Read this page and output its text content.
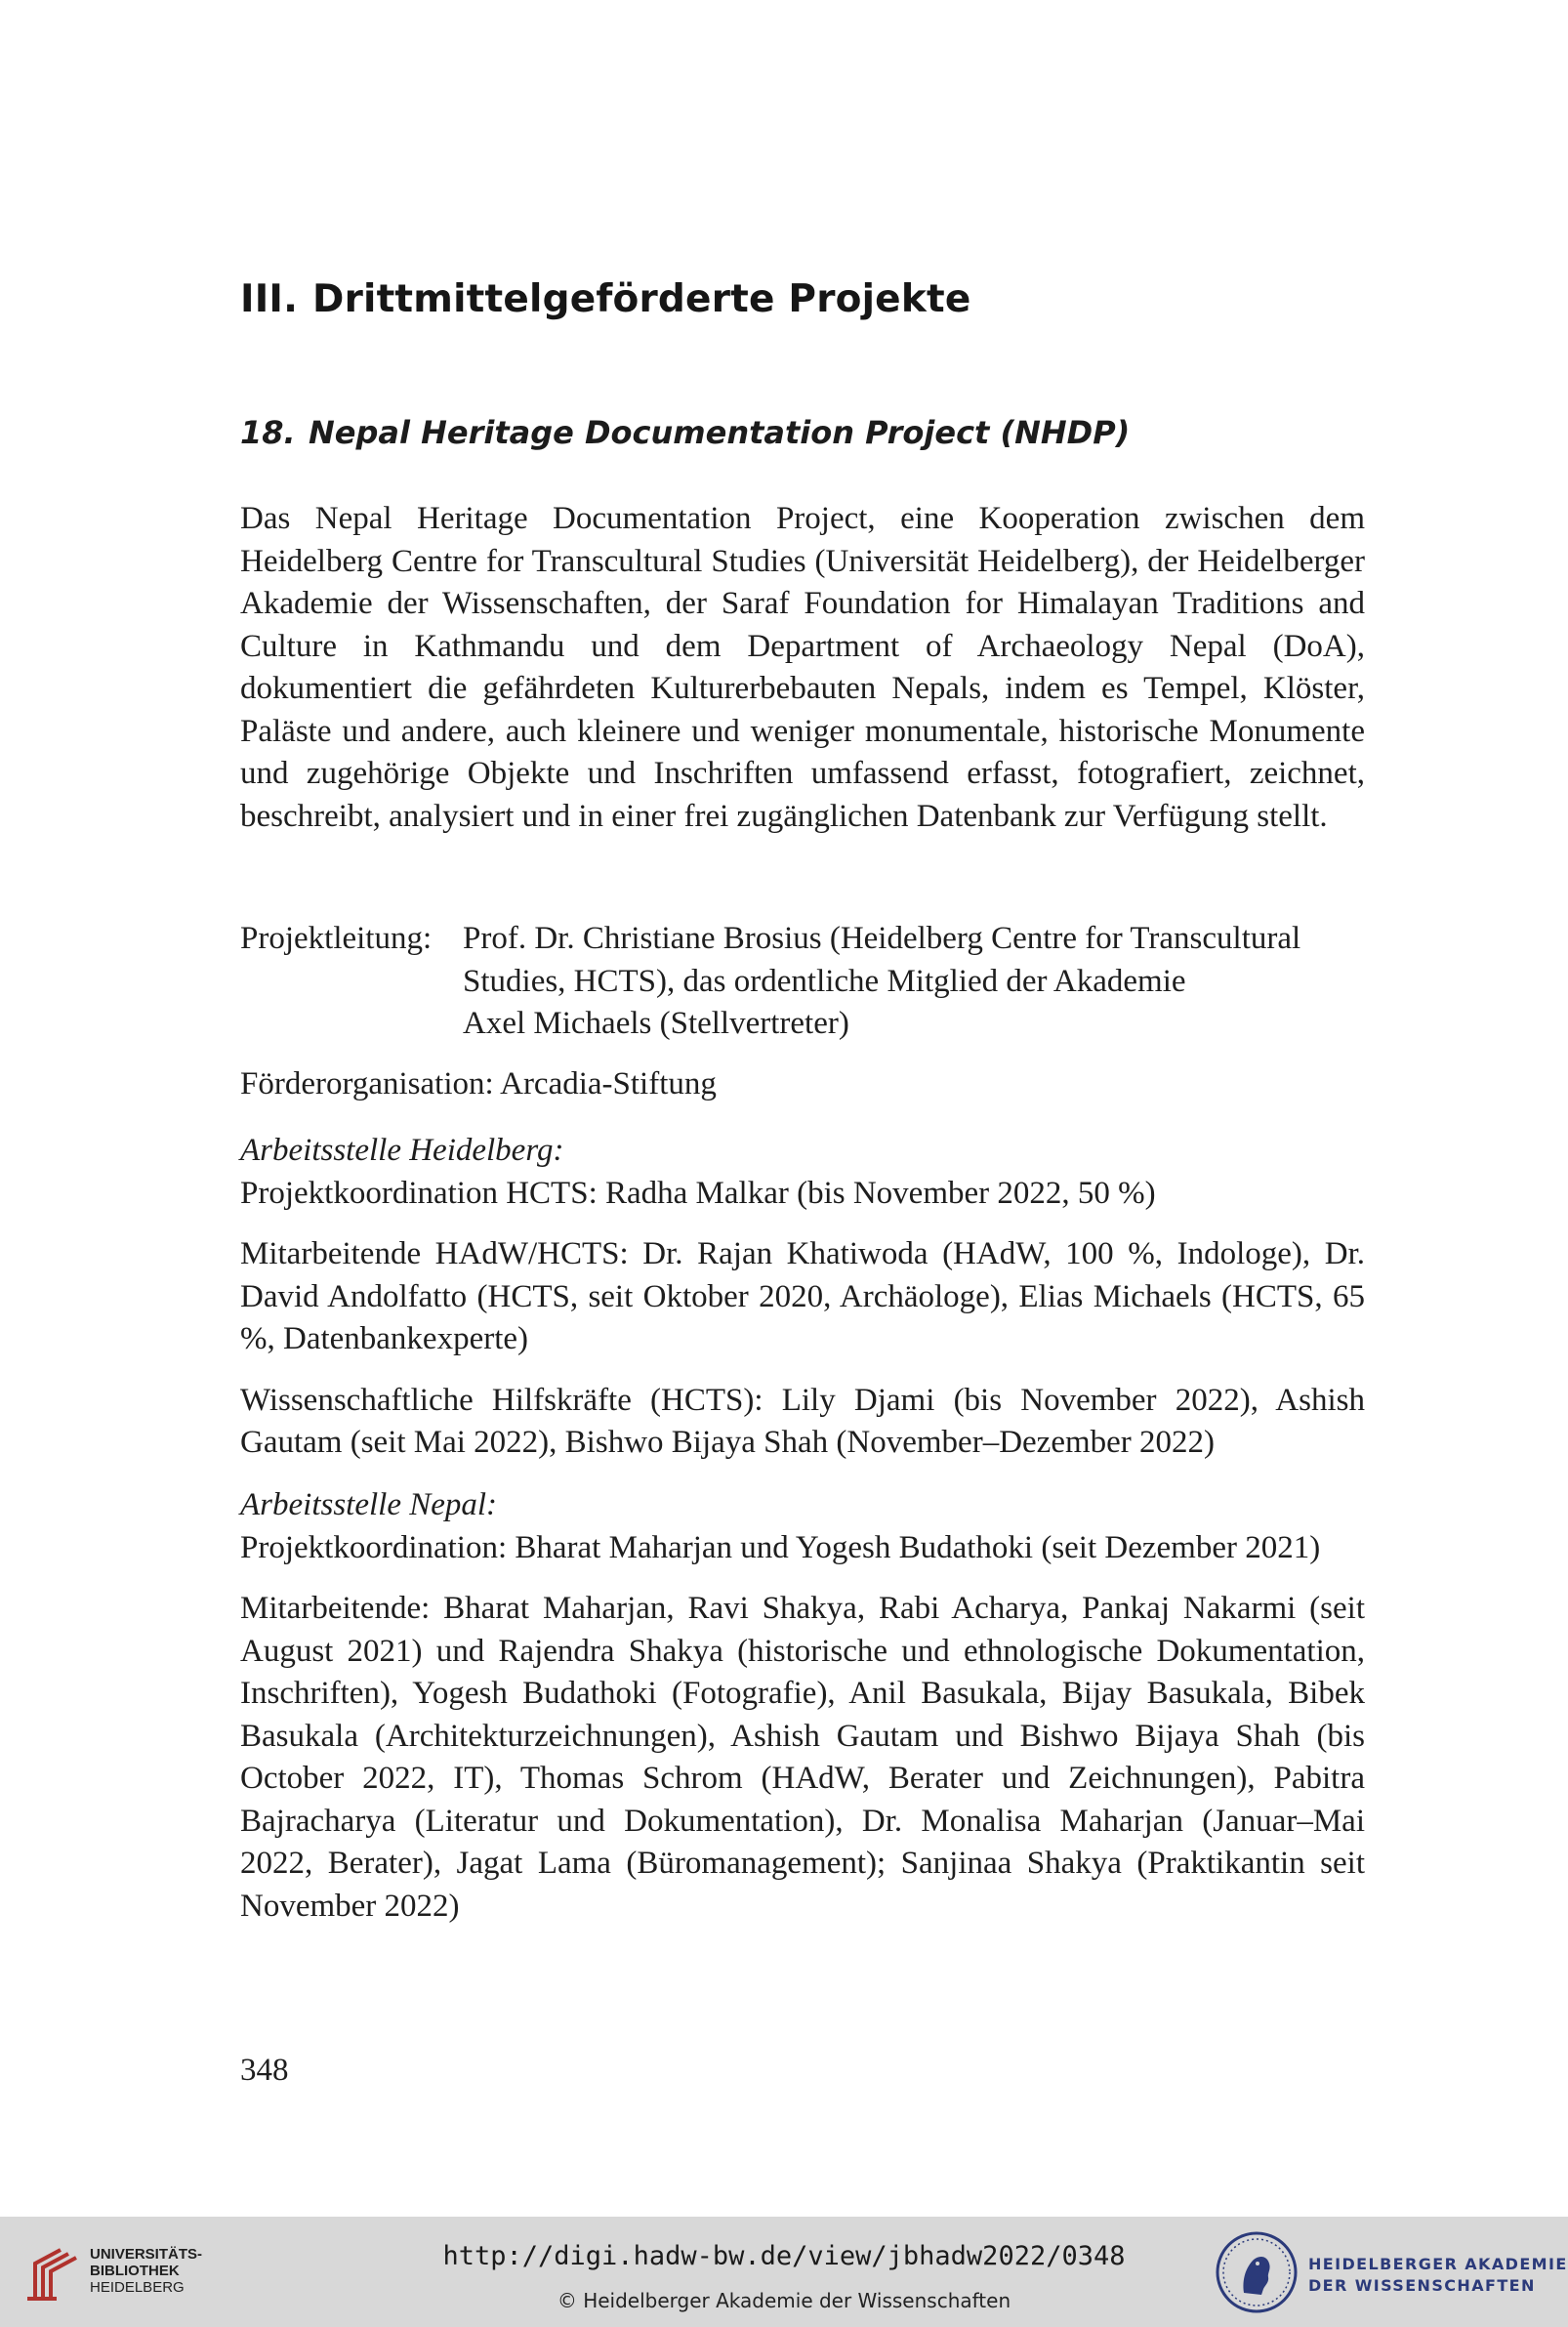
III. Drittmittelgeförderte Projekte
18. Nepal Heritage Documentation Project (NHDP)

Das Nepal Heritage Documentation Project, eine Kooperation zwischen dem Heidelberg Centre for Transcultural Studies (Universität Heidelberg), der Heidelberger Akademie der Wissenschaften, der Saraf Foundation for Himalayan Traditions and Culture in Kathmandu und dem Department of Archaeology Nepal (DoA), dokumentiert die gefährdeten Kulturerbebauten Nepals, indem es Tempel, Klöster, Paläste und andere, auch kleinere und weniger monumentale, historische Monumente und zugehörige Objekte und Inschriften umfassend erfasst, fotografiert, zeichnet, beschreibt, analysiert und in einer frei zugänglichen Datenbank zur Verfügung stellt.

Projektleitung: Prof. Dr. Christiane Brosius (Heidelberg Centre for Transcultural Studies, HCTS), das ordentliche Mitglied der Akademie
Axel Michaels (Stellvertreter)

Förderorganisation: Arcadia-Stiftung

Arbeitsstelle Heidelberg:

Projektkoordination HCTS: Radha Malkar (bis November 2022, 50 %)

Mitarbeitende HAdW/HCTS: Dr. Rajan Khatiwoda (HAdW, 100 %, Indologe), Dr. David Andolfatto (HCTS, seit Oktober 2020, Archäologe), Elias Michaels (HCTS, 65 %, Datenbankexperte)

Wissenschaftliche Hilfskräfte (HCTS): Lily Djami (bis November 2022), Ashish Gautam (seit Mai 2022), Bishwo Bijaya Shah (November–Dezember 2022)

Arbeitsstelle Nepal:

Projektkoordination: Bharat Maharjan und Yogesh Budathoki (seit Dezember 2021)

Mitarbeitende: Bharat Maharjan, Ravi Shakya, Rabi Acharya, Pankaj Nakarmi (seit August 2021) und Rajendra Shakya (historische und ethnologische Dokumentation, Inschriften), Yogesh Budathoki (Fotografie), Anil Basukala, Bijay Basukala, Bibek Basukala (Architekturzeichnungen), Ashish Gautam und Bishwo Bijaya Shah (bis October 2022, IT), Thomas Schrom (HAdW, Berater und Zeichnungen), Pabitra Bajracharya (Literatur und Dokumentation), Dr. Monalisa Maharjan (Januar–Mai 2022, Berater), Jagat Lama (Büromanagement); Sanjinaa Shakya (Praktikantin seit November 2022)

348
UNIVERSITÄTS-
BIBLIOTHEK
HEIDELBERG
http://digi.hadw-bw.de/view/jbhadw2022/0348
© Heidelberger Akademie der Wissenschaften
HEIDELBERGER AKADEMIE
DER WISSENSCHAFTEN
